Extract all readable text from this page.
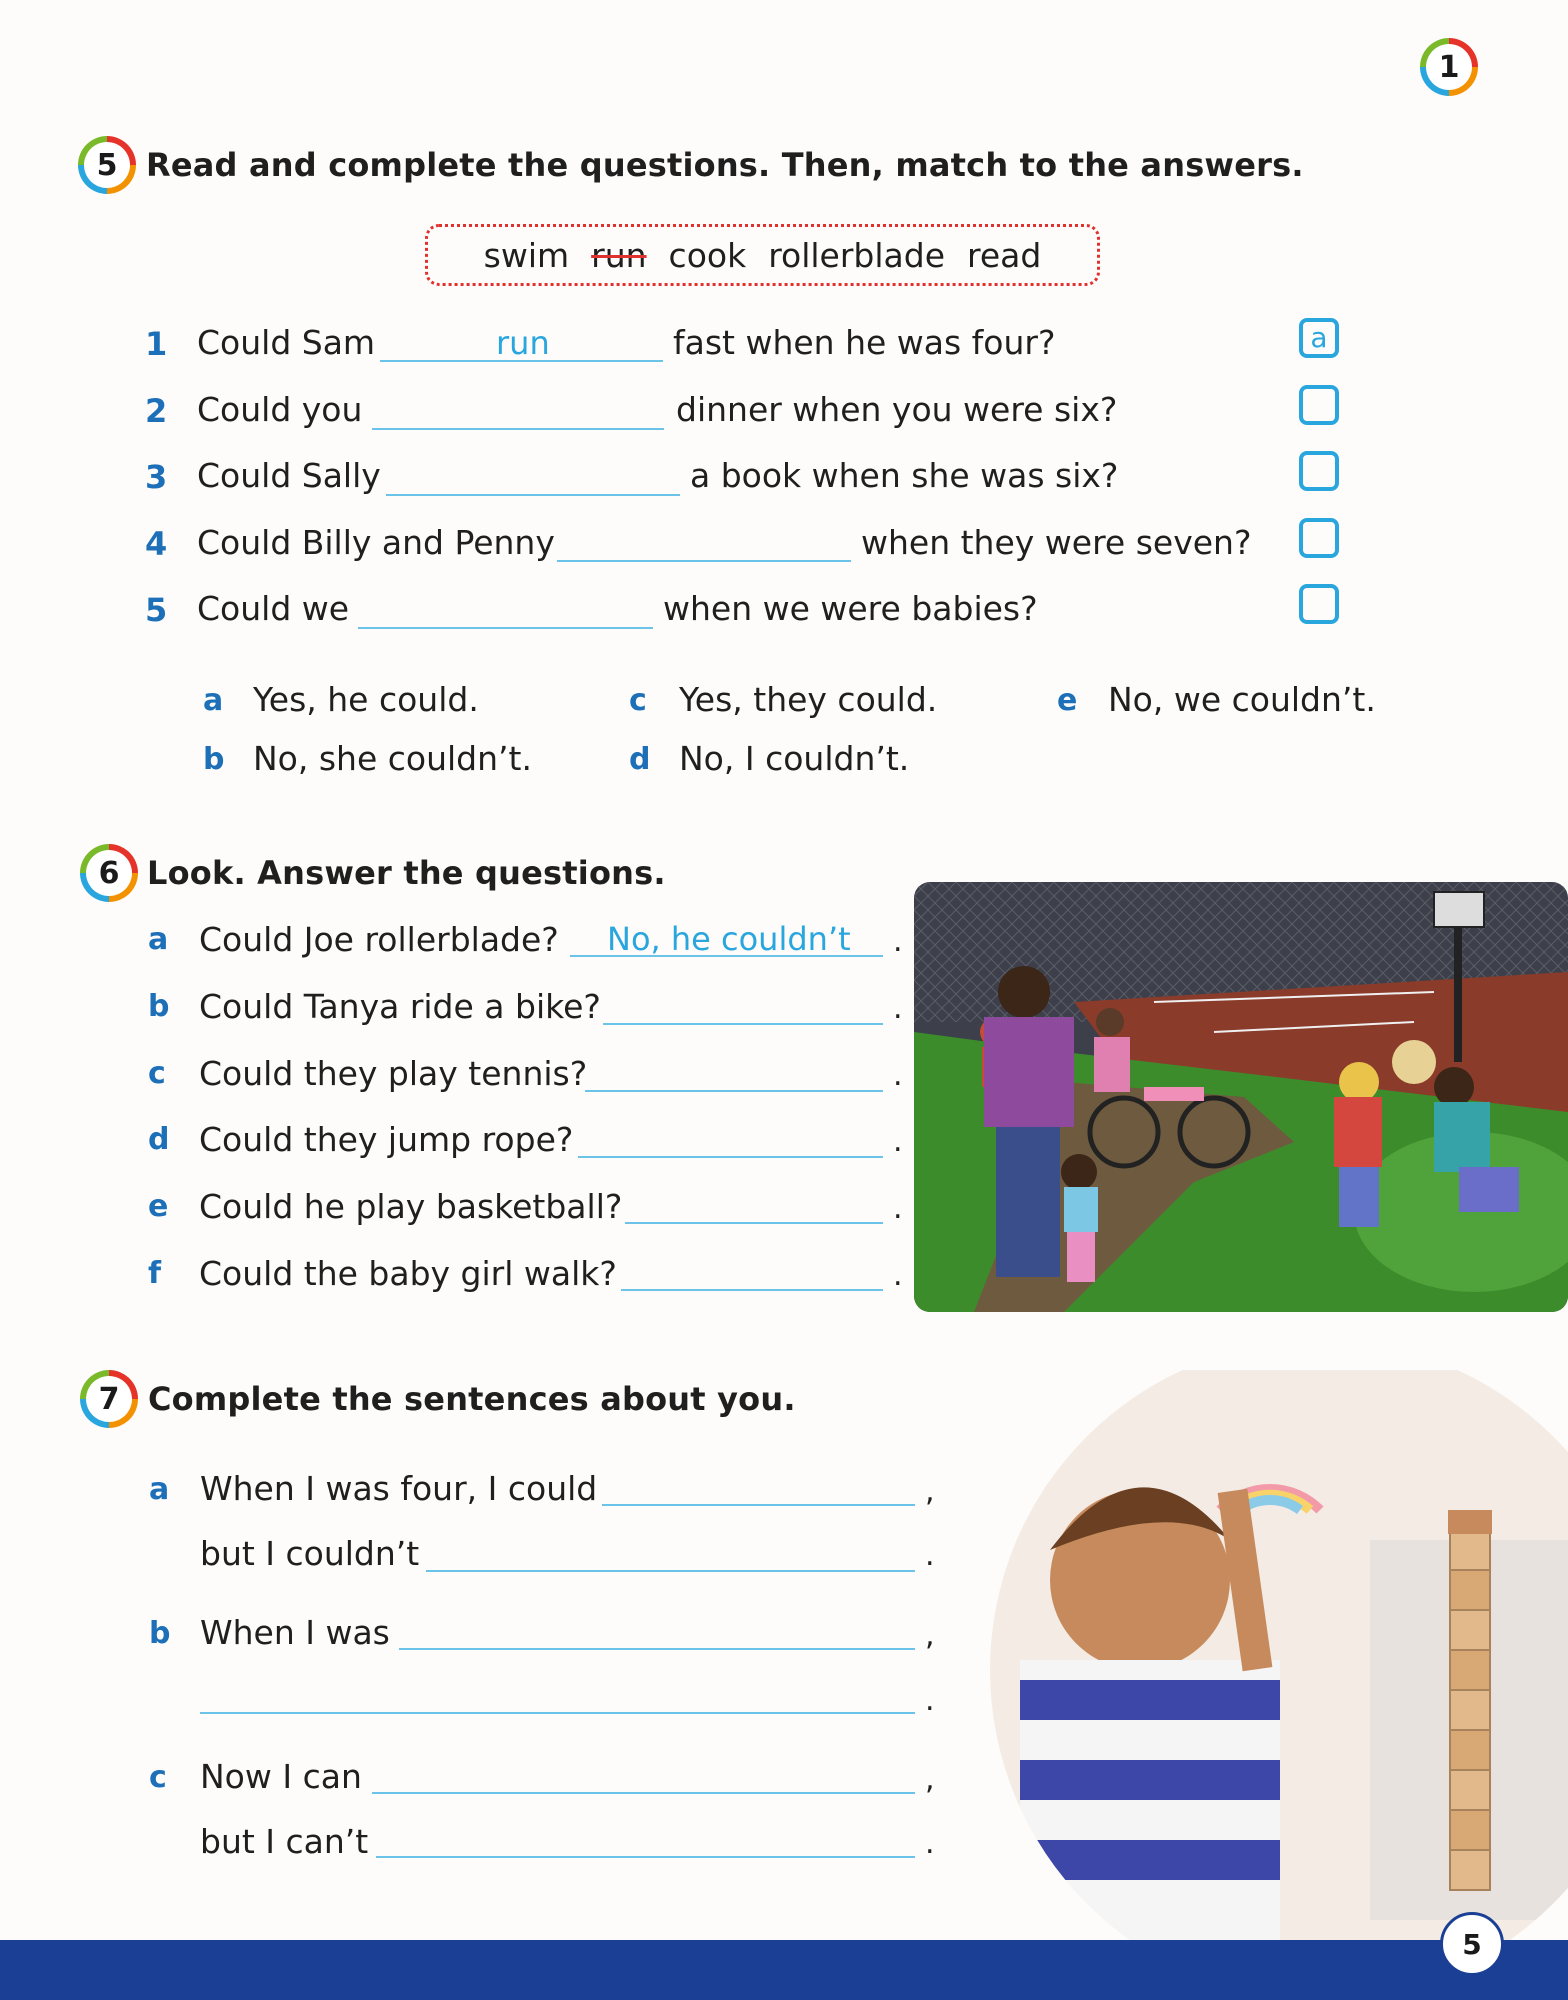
1
5 Read and complete the questions. Then, match to the answers.
swim run cook rollerblade read
1 Could Sam	run	fast when he was four?	a
2 Could you	dinner when you were six?
3 Could Sally	a book when she was six?
4 Could Billy and Penny	when they were seven?
5 Could we	when we were babies?
a Yes, he could.
b No, she couldn’t.
c Yes, they could.
d No, I couldn’t.
e No, we couldn’t.
6 Look. Answer the questions.
a Could Joe rollerblade? No, he couldn’t .
b Could Tanya ride a bike?	.
c Could they play tennis?	.
d Could they jump rope?	.
e Could he play basketball?	.
f Could the baby girl walk?	.
7 Complete the sentences about you.
a When I was four, I could	,
but I couldn’t	.
b When I was	,
.
c Now I can	,
but I can’t	.
5
